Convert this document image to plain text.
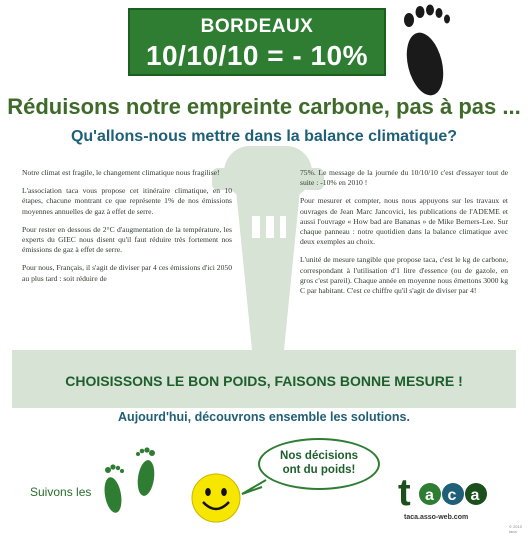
BORDEAUX
10/10/10 = - 10%
Réduisons notre empreinte carbone, pas à pas ...
Qu'allons-nous mettre dans la balance climatique?

Notre climat est fragile, le changement climatique nous fragilise!

L'association taca vous propose cet itinéraire climatique, en 10 étapes, chacune montrant ce que représente 1% de nos émissions moyennes annuelles de gaz à effet de serre.

Pour rester en dessous de 2°C d'augmentation de la température, les experts du GIEC nous disent qu'il faut réduire très fortement nos émissions de gaz à effet de serre.

Pour nous, Français, il s'agit de diviser par 4 ces émissions d'ici 2050 au plus tard : soit réduire de

75%. Le message de la journée du 10/10/10 c'est d'essayer tout de suite : -10% en 2010 !

Pour mesurer et compter, nous nous appuyons sur les travaux et ouvrages de Jean Marc Jancovici, les publications de l'ADEME et aussi l'ouvrage « How bad are Bananas » de Mike Berners-Lee. Sur chaque panneau : notre quotidien dans la balance climatique avec deux exemples au choix.

L'unité de mesure tangible que propose taca, c'est le kg de carbone, correspondant à l'utilisation d'1 litre d'essence (ou de gazole, en gros c'est pareil). Chaque année en moyenne nous émettons 3000 kg C par habitant. C'est ce chiffre qu'il s'agit de diviser par 4!

CHOISISSONS LE BON POIDS, FAISONS BONNE MESURE !
Aujourd'hui, découvrons ensemble les solutions.
Suivons les
Nos décisions
ont du poids!
t a c a
taca.asso-web.com
© 2010 taca
